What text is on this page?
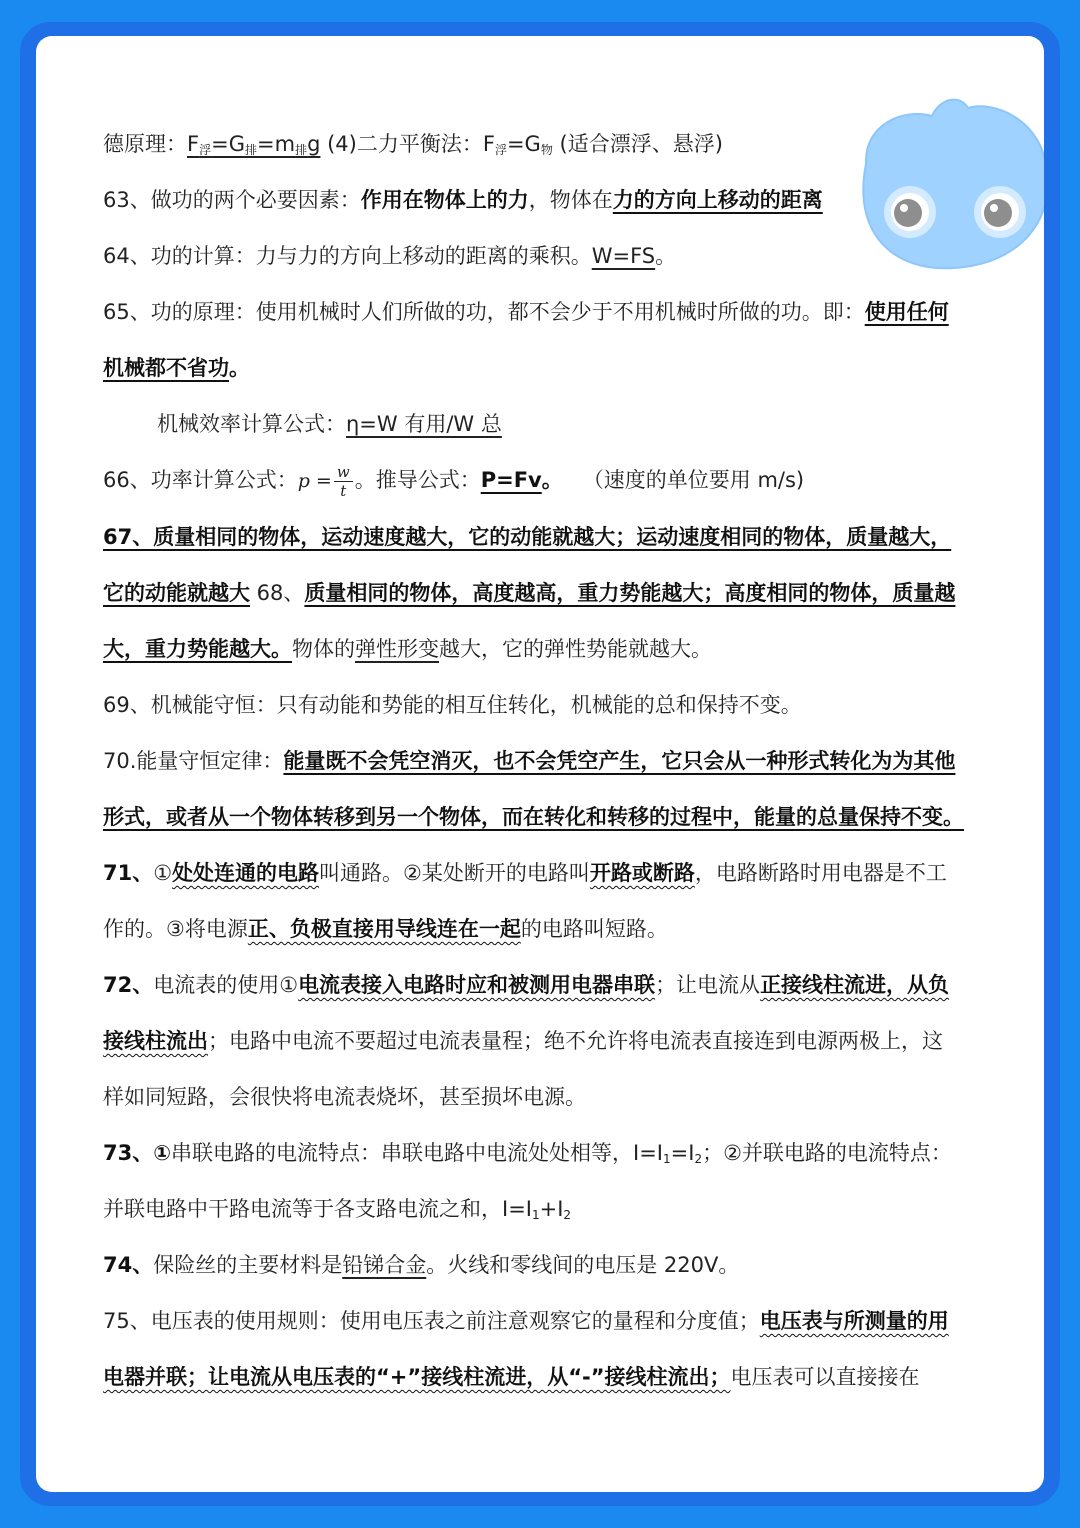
德原理：$F_浮=G_排=m_排g$ (4)二力平衡法：$F_浮=G_物$ (适合漂浮、悬浮)
63、做功的两个必要因素：作用在物体上的力，物体在力的方向上移动的距离
64、功的计算：力与力的方向上移动的距离的乘积。W=FS。
65、功的原理：使用机械时人们所做的功，都不会少于不用机械时所做的功。即：使用任何
机械都不省功。
机械效率计算公式：η=W 有用/W 总
66、功率计算公式：$p = \frac{w}{t}$ 。推导公式：P=Fv。 （速度的单位要用 m/s)
67、质量相同的物体，运动速度越大，它的动能就越大；运动速度相同的物体，质量越大，
它的动能就越大 68、质量相同的物体，高度越高，重力势能越大；高度相同的物体，质量越
大，重力势能越大。物体的弹性形变越大，它的弹性势能就越大。
69、机械能守恒：只有动能和势能的相互住转化，机械能的总和保持不变。
70.能量守恒定律：能量既不会凭空消灭，也不会凭空产生，它只会从一种形式转化为为其他
形式，或者从一个物体转移到另一个物体，而在转化和转移的过程中，能量的总量保持不变。
71、①处处连通的电路叫通路。②某处断开的电路叫开路或断路，电路断路时用电器是不工
作的。③将电源正、负极直接用导线连在一起的电路叫短路。
72、电流表的使用①电流表接入电路时应和被测用电器串联；让电流从正接线柱流进，从负
接线柱流出；电路中电流不要超过电流表量程；绝不允许将电流表直接连到电源两极上，这
样如同短路，会很快将电流表烧坏，甚至损坏电源。
73、①串联电路的电流特点：串联电路中电流处处相等，$I=I_1=I_2$；②并联电路的电流特点：
并联电路中干路电流等于各支路电流之和，$I=I_1+I_2$
74、保险丝的主要材料是铅锑合金。火线和零线间的电压是 220V。
75、电压表的使用规则：使用电压表之前注意观察它的量程和分度值；电压表与所测量的用
电器并联；让电流从电压表的“+”接线柱流进，从“-”接线柱流出；电压表可以直接接在
